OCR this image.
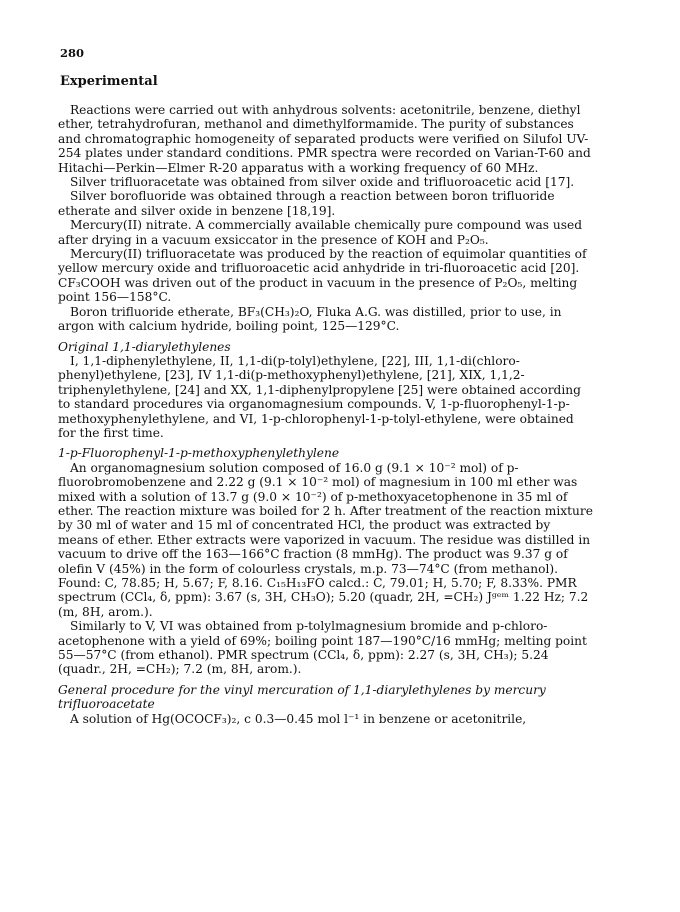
280
Experimental

Reactions were carried out with anhydrous solvents: acetonitrile, benzene, diethyl ether, tetrahydrofuran, methanol and dimethylformamide. The purity of substances and chromatographic homogeneity of separated products were verified on Silufol UV-254 plates under standard conditions. PMR spectra were recorded on Varian-T-60 and Hitachi—Perkin—Elmer R-20 apparatus with a working frequency of 60 MHz.

Silver trifluoracetate was obtained from silver oxide and trifluoroacetic acid [17].

Silver borofluoride was obtained through a reaction between boron trifluoride etherate and silver oxide in benzene [18,19].

Mercury(II) nitrate. A commercially available chemically pure compound was used after drying in a vacuum exsiccator in the presence of KOH and P₂O₅.

Mercury(II) trifluoracetate was produced by the reaction of equimolar quantities of yellow mercury oxide and trifluoroacetic acid anhydride in tri-fluoroacetic acid [20]. CF₃COOH was driven out of the product in vacuum in the presence of P₂O₅, melting point 156—158°C.

Boron trifluoride etherate, BF₃(CH₃)₂O, Fluka A.G. was distilled, prior to use, in argon with calcium hydride, boiling point, 125—129°C.

Original 1,1-diarylethylenes

I, 1,1-diphenylethylene, II, 1,1-di(p-tolyl)ethylene, [22], III, 1,1-di(chloro-phenyl)ethylene, [23], IV 1,1-di(p-methoxyphenyl)ethylene, [21], XIX, 1,1,2-triphenylethylene, [24] and XX, 1,1-diphenylpropylene [25] were obtained according to standard procedures via organomagnesium compounds. V, 1-p-fluorophenyl-1-p-methoxyphenylethylene, and VI, 1-p-chlorophenyl-1-p-tolyl-ethylene, were obtained for the first time.

1-p-Fluorophenyl-1-p-methoxyphenylethylene

An organomagnesium solution composed of 16.0 g (9.1 × 10⁻² mol) of p-fluorobromobenzene and 2.22 g (9.1 × 10⁻² mol) of magnesium in 100 ml ether was mixed with a solution of 13.7 g (9.0 × 10⁻²) of p-methoxyacetophenone in 35 ml of ether. The reaction mixture was boiled for 2 h. After treatment of the reaction mixture by 30 ml of water and 15 ml of concentrated HCl, the product was extracted by means of ether. Ether extracts were vaporized in vacuum. The residue was distilled in vacuum to drive off the 163—166°C fraction (8 mmHg). The product was 9.37 g of olefin V (45%) in the form of colourless crystals, m.p. 73—74°C (from methanol). Found: C, 78.85; H, 5.67; F, 8.16. C₁₅H₁₃FO calcd.: C, 79.01; H, 5.70; F, 8.33%. PMR spectrum (CCl₄, δ, ppm): 3.67 (s, 3H, CH₃O); 5.20 (quadr, 2H, =CH₂) Jᵍᵉᵐ 1.22 Hz; 7.2 (m, 8H, arom.).

Similarly to V, VI was obtained from p-tolylmagnesium bromide and p-chloro-acetophenone with a yield of 69%; boiling point 187—190°C/16 mmHg; melting point 55—57°C (from ethanol). PMR spectrum (CCl₄, δ, ppm): 2.27 (s, 3H, CH₃); 5.24 (quadr., 2H, =CH₂); 7.2 (m, 8H, arom.).

General procedure for the vinyl mercuration of 1,1-diarylethylenes by mercury trifluoroacetate

A solution of Hg(OCOCF₃)₂, c 0.3—0.45 mol l⁻¹ in benzene or acetonitrile,
